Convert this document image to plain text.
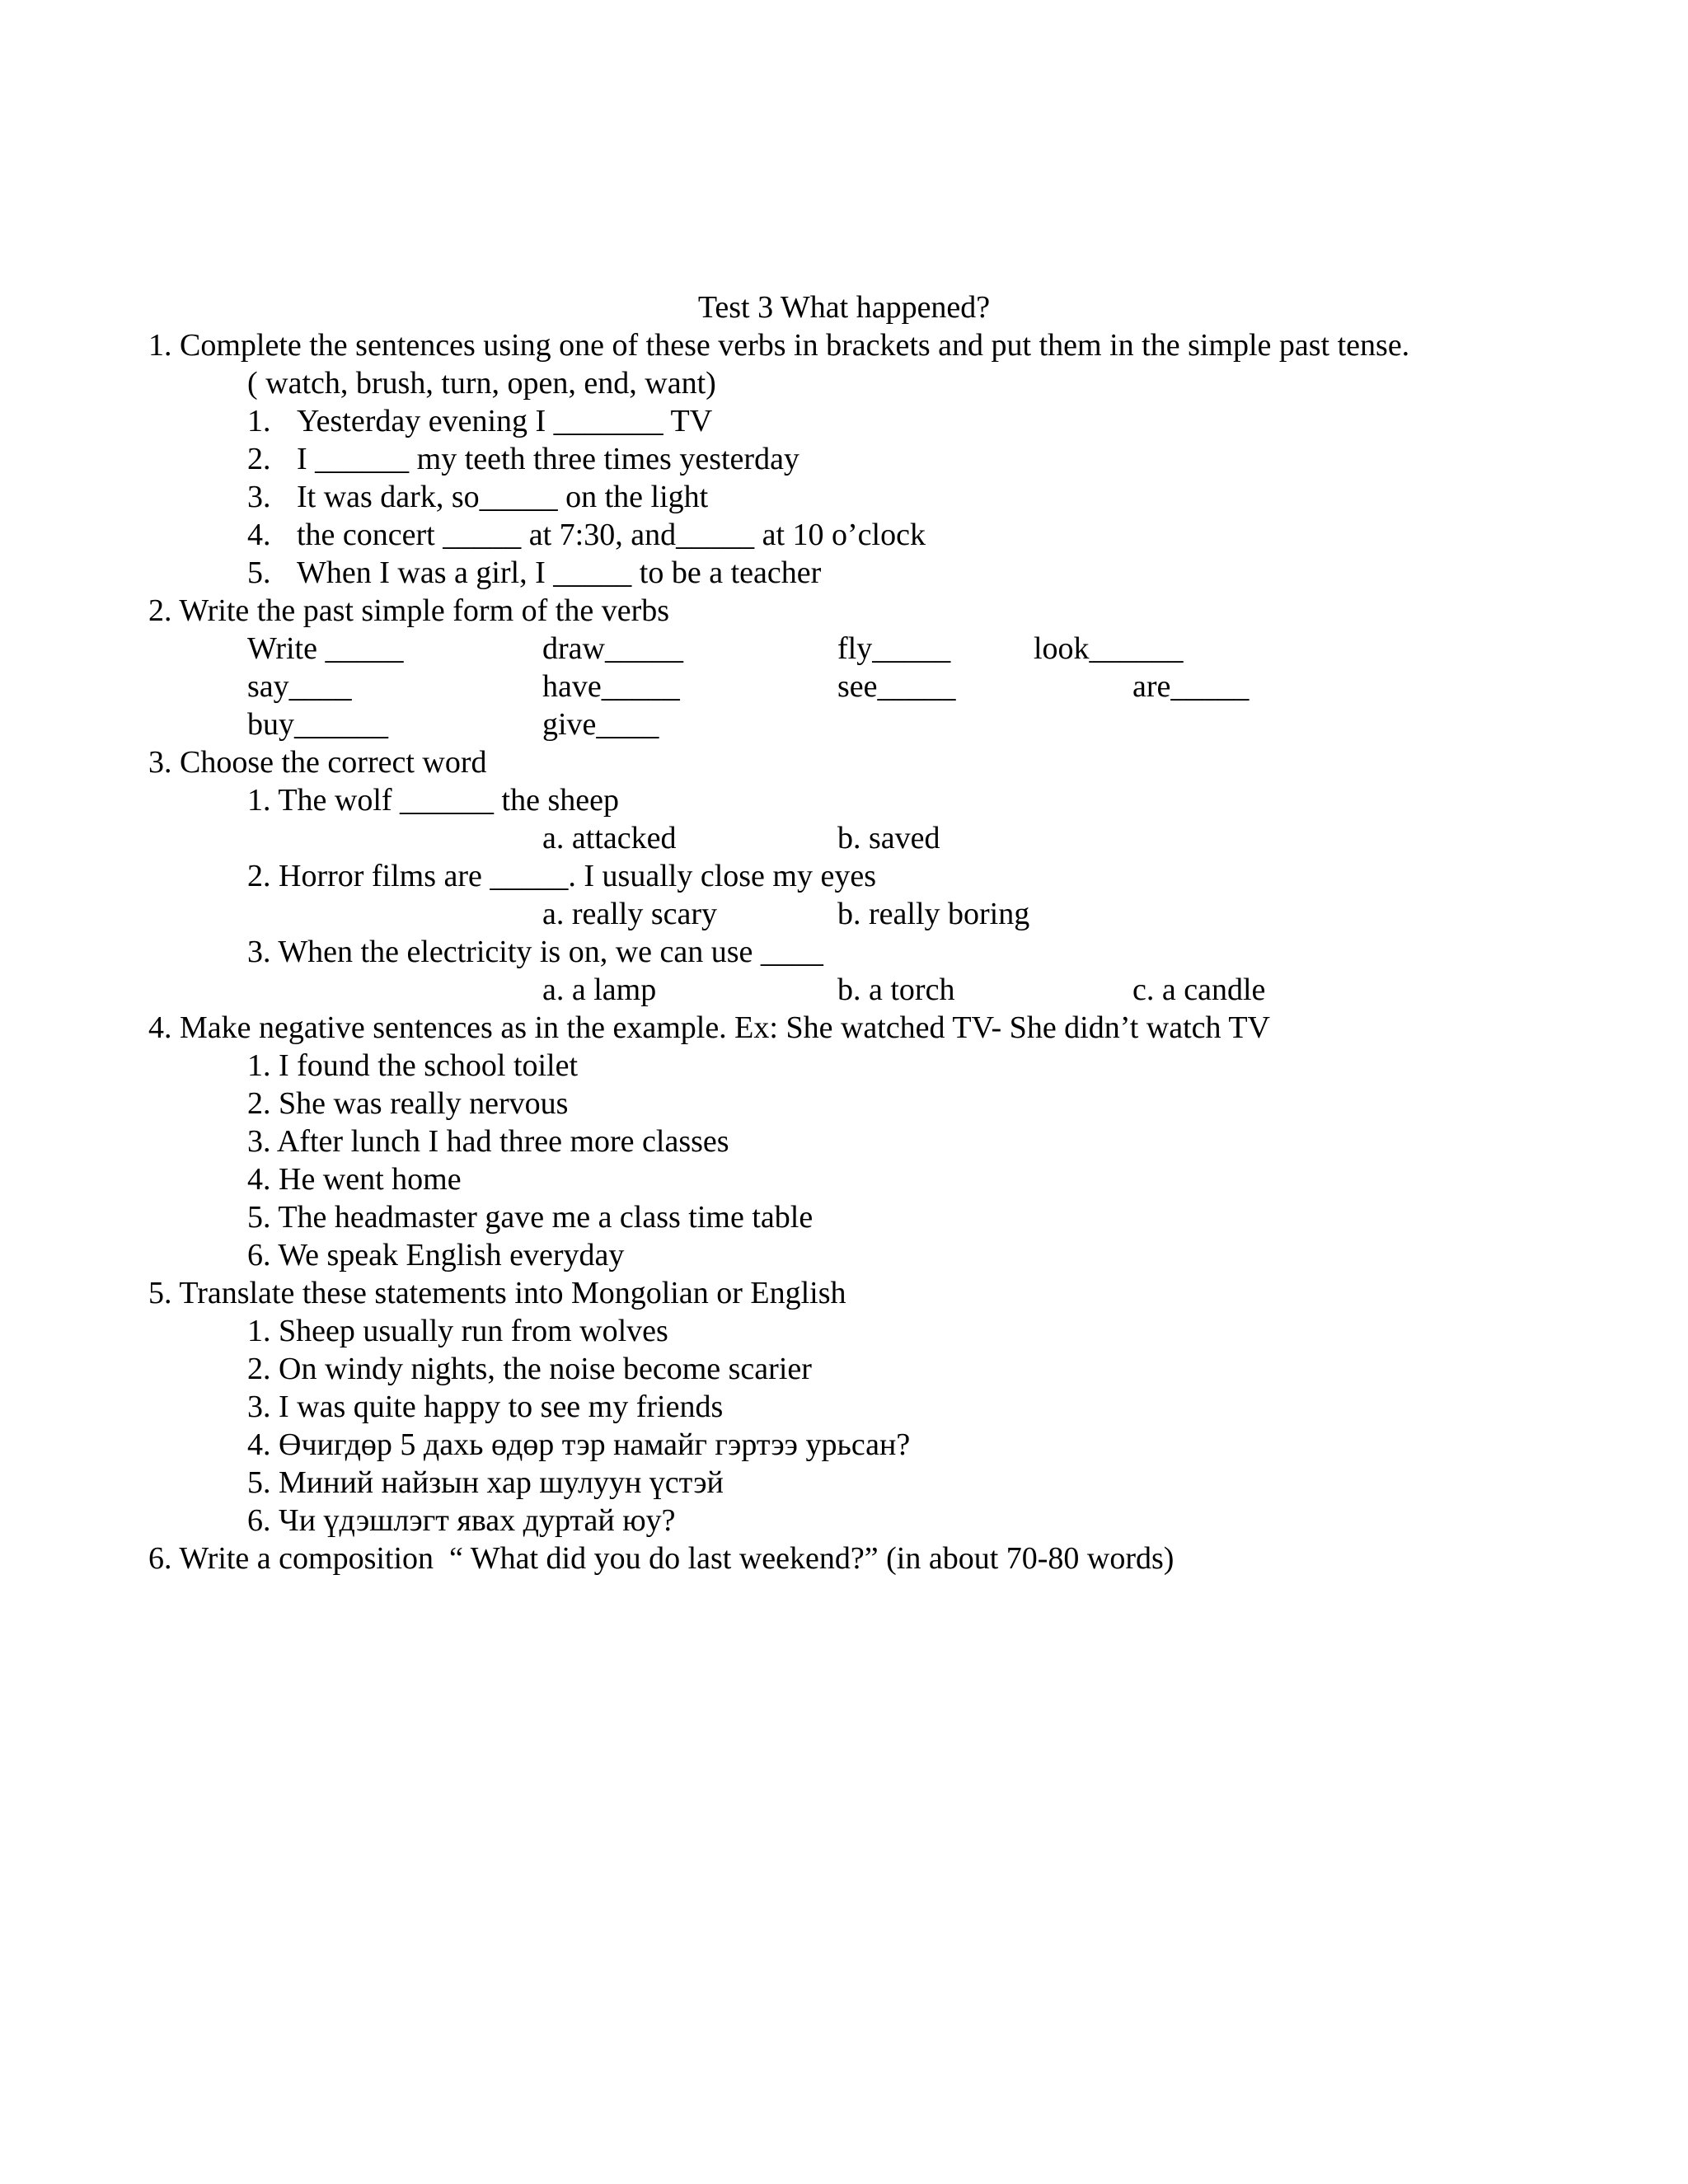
Test 3 What happened?
1. Complete the sentences using one of these verbs in brackets and put them in the simple past tense.
( watch, brush, turn, open, end, want)
1. Yesterday evening I _______ TV
2. I ______ my teeth three times yesterday
3. It was dark, so_____ on the light
4. the concert _____ at 7:30, and_____ at 10 o’clock
5. When I was a girl, I _____ to be a teacher
2. Write the past simple form of the verbs
Write _____	draw_____	fly_____	look______
say____	have_____	see_____	are_____
buy______	give____
3. Choose the correct word
1. The wolf ______ the sheep
a. attacked	b. saved
2. Horror films are _____. I usually close my eyes
a. really scary	b. really boring
3. When the electricity is on, we can use ____
a. a lamp	b. a torch	c. a candle
4. Make negative sentences as in the example. Ex: She watched TV- She didn’t watch TV
1. I found the school toilet
2. She was really nervous
3. After lunch I had three more classes
4. He went home
5. The headmaster gave me a class time table
6. We speak English everyday
5. Translate these statements into Mongolian or English
1. Sheep usually run from wolves
2. On windy nights, the noise become scarier
3. I was quite happy to see my friends
4. Өчигдөр 5 дахь өдөр тэр намайг гэртээ урьсан?
5. Миний найзын хар шулуун үстэй
6. Чи үдэшлэгт явах дуртай юу?
6. Write a composition  “ What did you do last weekend?” (in about 70-80 words)
